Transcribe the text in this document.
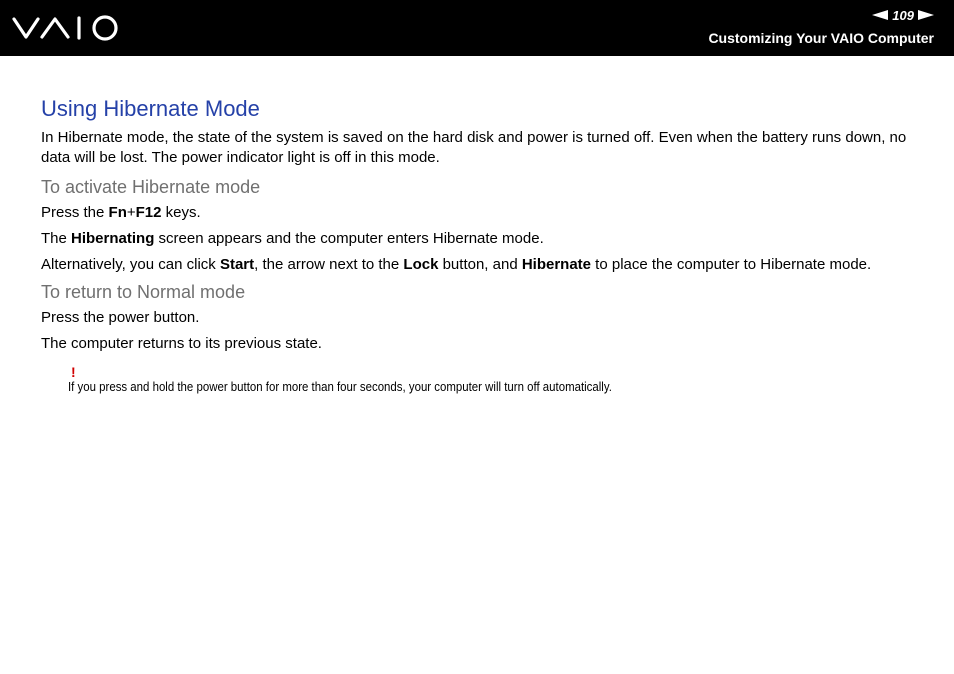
109
Customizing Your VAIO Computer
Using Hibernate Mode

In Hibernate mode, the state of the system is saved on the hard disk and power is turned off. Even when the battery runs down, no data will be lost. The power indicator light is off in this mode.

To activate Hibernate mode

Press the Fn+F12 keys.

The Hibernating screen appears and the computer enters Hibernate mode.

Alternatively, you can click Start, the arrow next to the Lock button, and Hibernate to place the computer to Hibernate mode.

To return to Normal mode

Press the power button.

The computer returns to its previous state.

!
If you press and hold the power button for more than four seconds, your computer will turn off automatically.
